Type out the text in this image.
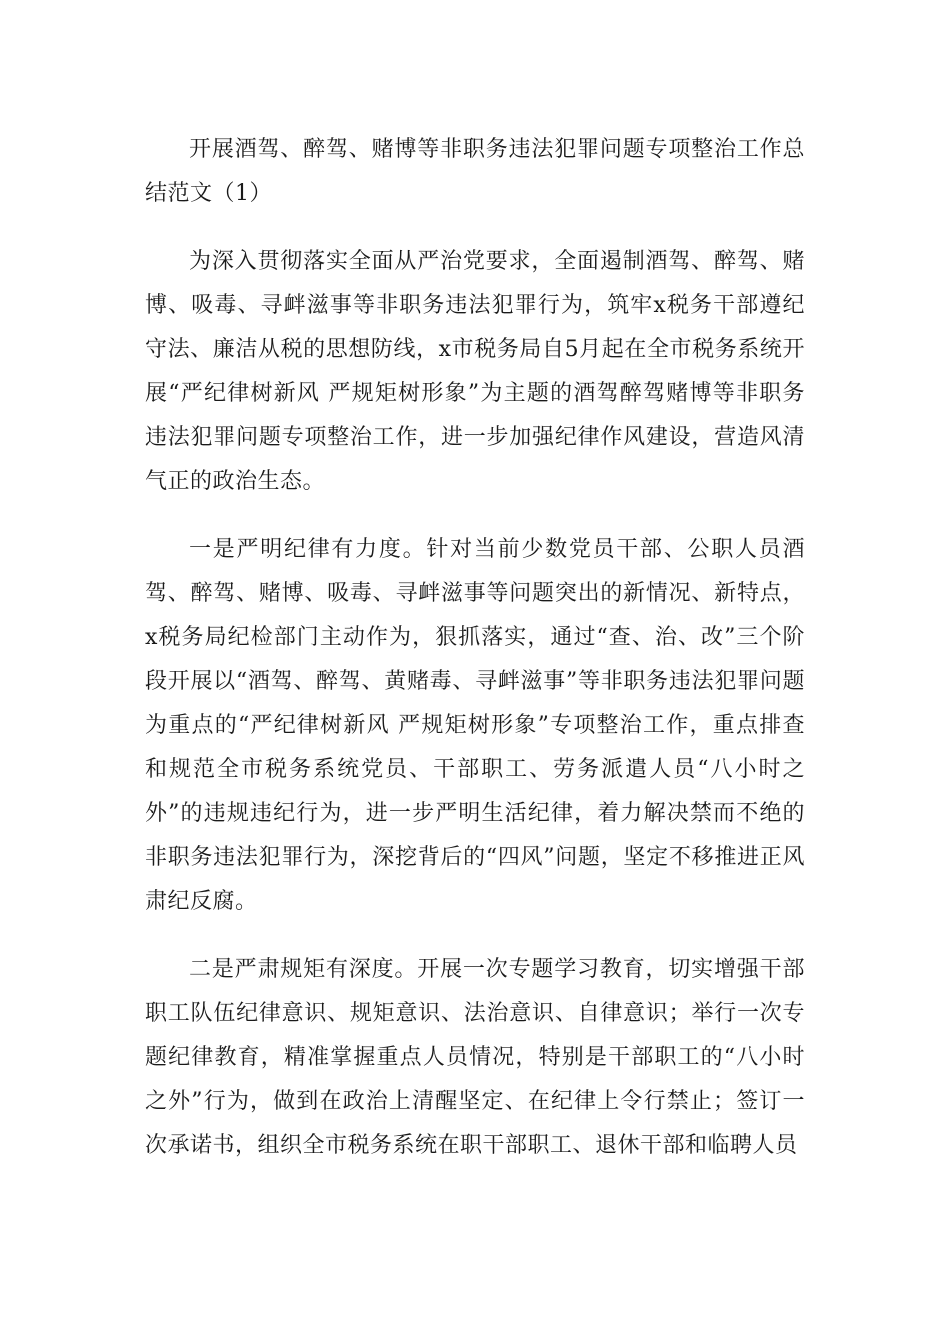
开展酒驾、醉驾、赌博等非职务违法犯罪问题专项整治工作总结范文（1）

为深入贯彻落实全面从严治党要求，全面遏制酒驾、醉驾、赌博、吸毒、寻衅滋事等非职务违法犯罪行为，筑牢x税务干部遵纪守法、廉洁从税的思想防线，x市税务局自5月起在全市税务系统开展“严纪律树新风 严规矩树形象”为主题的酒驾醉驾赌博等非职务违法犯罪问题专项整治工作，进一步加强纪律作风建设，营造风清气正的政治生态。

一是严明纪律有力度。针对当前少数党员干部、公职人员酒驾、醉驾、赌博、吸毒、寻衅滋事等问题突出的新情况、新特点，x税务局纪检部门主动作为，狠抓落实，通过“查、治、改”三个阶段开展以“酒驾、醉驾、黄赌毒、寻衅滋事”等非职务违法犯罪问题为重点的“严纪律树新风 严规矩树形象”专项整治工作，重点排查和规范全市税务系统党员、干部职工、劳务派遣人员“八小时之外”的违规违纪行为，进一步严明生活纪律，着力解决禁而不绝的非职务违法犯罪行为，深挖背后的“四风”问题，坚定不移推进正风肃纪反腐。

二是严肃规矩有深度。开展一次专题学习教育，切实增强干部职工队伍纪律意识、规矩意识、法治意识、自律意识；举行一次专题纪律教育，精准掌握重点人员情况，特别是干部职工的“八小时之外”行为，做到在政治上清醒坚定、在纪律上令行禁止；签订一次承诺书，组织全市税务系统在职干部职工、退休干部和临聘人员
